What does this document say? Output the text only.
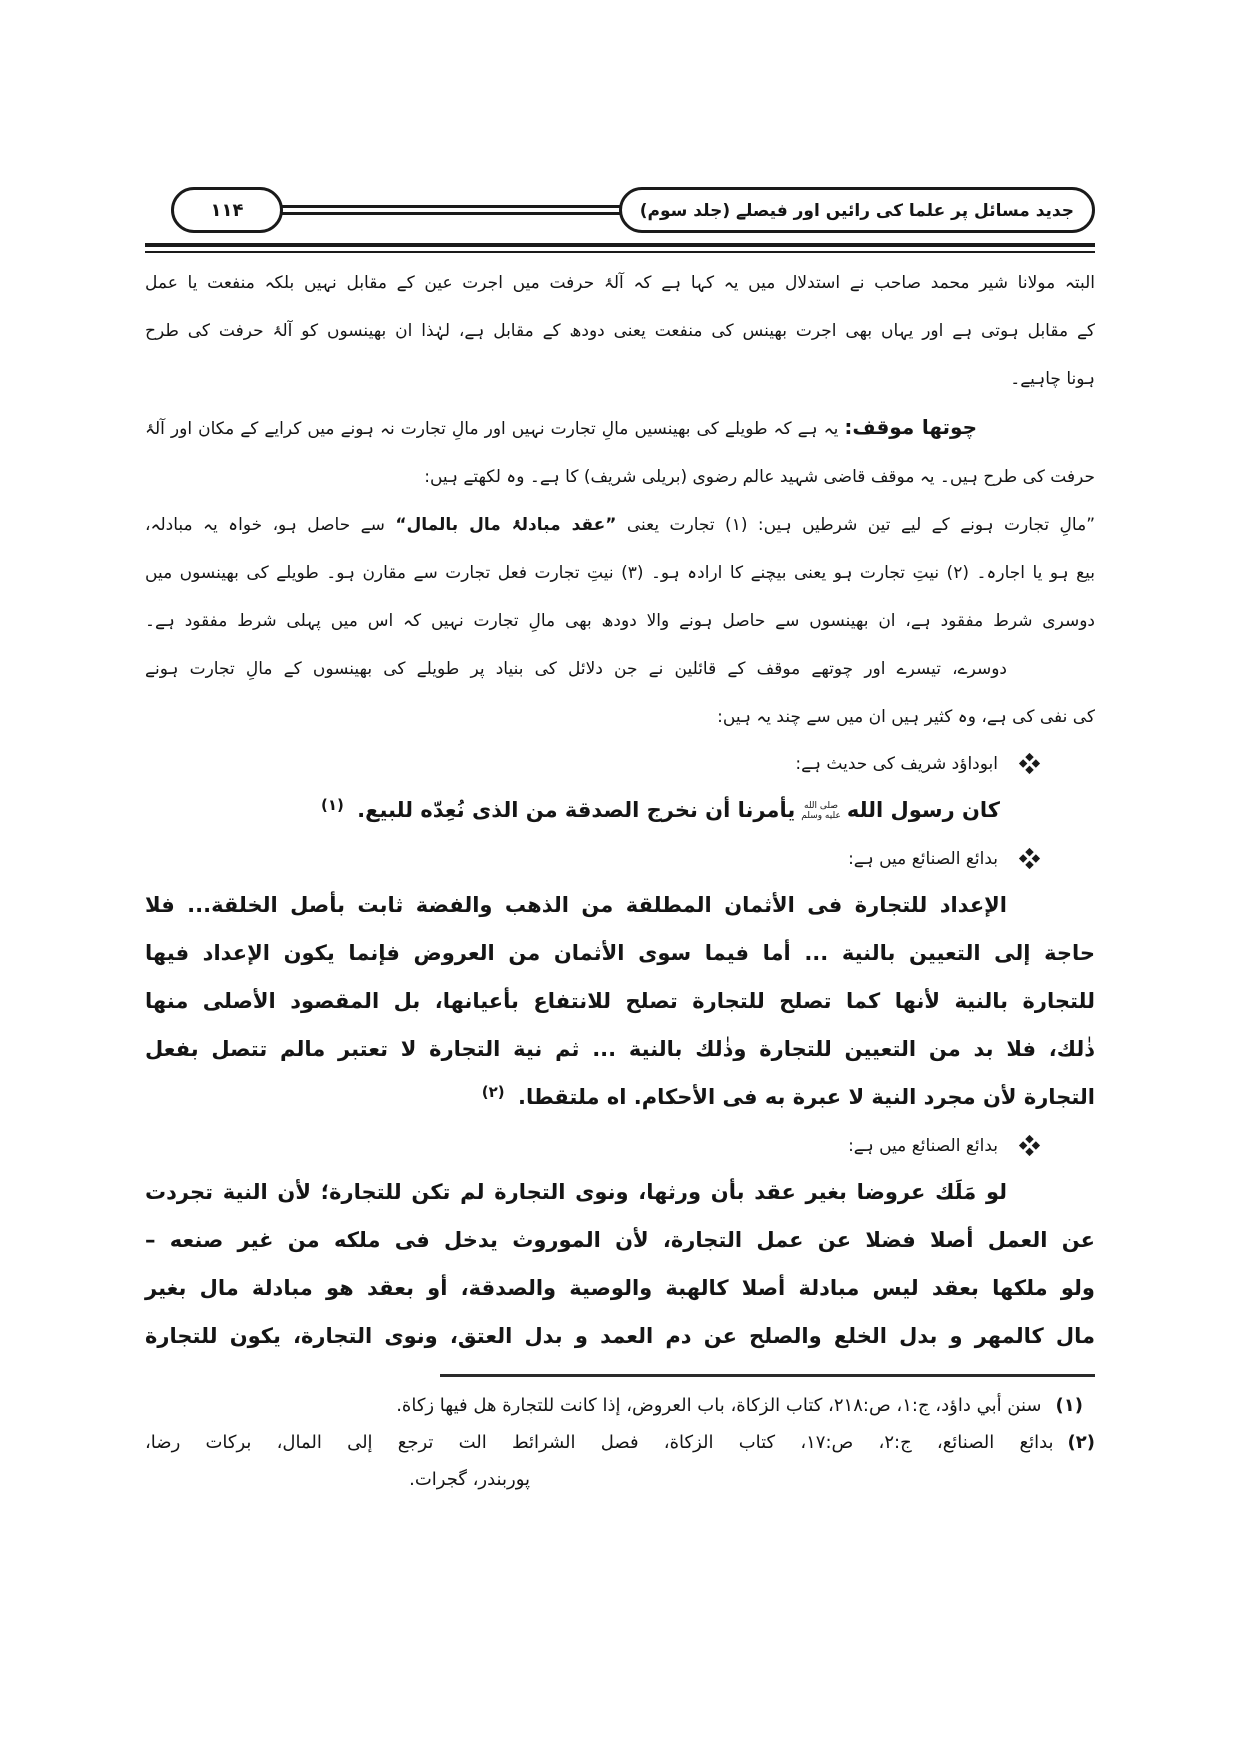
۱۱۴	جدید مسائل پر علما کی رائیں اور فیصلے (جلد سوم)

البتہ مولانا شیر محمد صاحب نے استدلال میں یہ کہا ہے کہ آلۂ حرفت میں اجرت عین کے مقابل نہیں بلکہ منفعت یا عمل

کے مقابل ہوتی ہے اور یہاں بھی اجرت بھینس کی منفعت یعنی دودھ کے مقابل ہے، لہٰذا ان بھینسوں کو آلۂ حرفت کی طرح

ہونا چاہیے۔

چوتھا موقف: یہ ہے کہ طویلے کی بھینسیں مالِ تجارت نہیں اور مالِ تجارت نہ ہونے میں کرایے کے مکان اور آلۂ

حرفت کی طرح ہیں۔ یہ موقف قاضی شہید عالم رضوی (بریلی شریف) کا ہے۔ وہ لکھتے ہیں:

”مالِ تجارت ہونے کے لیے تین شرطیں ہیں: (۱) تجارت یعنی ”عقد مبادلۂ مال بالمال“ سے حاصل ہو، خواہ یہ مبادلہ،

بیع ہو یا اجارہ۔ (۲) نیتِ تجارت ہو یعنی بیچنے کا ارادہ ہو۔ (۳) نیتِ تجارت فعل تجارت سے مقارن ہو۔ طویلے کی بھینسوں میں

دوسری شرط مفقود ہے، ان بھینسوں سے حاصل ہونے والا دودھ بھی مالِ تجارت نہیں کہ اس میں پہلی شرط مفقود ہے۔

دوسرے، تیسرے اور چوتھے موقف کے قائلین نے جن دلائل کی بنیاد پر طویلے کی بھینسوں کے مالِ تجارت ہونے

کی نفی کی ہے، وہ کثیر ہیں ان میں سے چند یہ ہیں:

ابوداؤد شریف کی حدیث ہے:

كان رسول الله
صلى الله
عليه وسلم
يأمرنا أن نخرج الصدقة من الذى نُعِدّه للبيع. $^{(١)}$

بدائع الصنائع میں ہے:

الإعداد للتجارة فى الأثمان المطلقة من الذهب والفضة ثابت بأصل الخلقة... فلا

حاجة إلى التعيين بالنية ... أما فيما سوى الأثمان من العروض فإنما يكون الإعداد فيها

للتجارة بالنية لأنها كما تصلح للتجارة تصلح للانتفاع بأعيانها، بل المقصود الأصلى منها

ذٰلك، فلا بد من التعيين للتجارة وذٰلك بالنية ... ثم نية التجارة لا تعتبر مالم تتصل بفعل

التجارة لأن مجرد النية لا عبرة به فى الأحكام. اه ملتقطا. $^{(٢)}$

بدائع الصنائع میں ہے:

لو مَلَك عروضا بغير عقد بأن ورثها، ونوى التجارة لم تكن للتجارة؛ لأن النية تجردت

عن العمل أصلا فضلا عن عمل التجارة، لأن الموروث يدخل فى ملكه من غير صنعه –

ولو ملكها بعقد ليس مبادلة أصلا كالهبة والوصية والصدقة، أو بعقد هو مبادلة مال بغير

مال كالمهر و بدل الخلع والصلح عن دم العمد و بدل العتق، ونوى التجارة، يكون للتجارة

(١)
سنن أبي داؤد، ج:١، ص:٢١٨، كتاب الزكاة، باب العروض، إذا كانت للتجارة هل فيها زكاة.
(٢)
بدائع الصنائع، ج:٢، ص:١٧، كتاب الزكاة، فصل الشرائط الت ترجع إلى المال، بركات رضا،
پوربندر، گجرات.
